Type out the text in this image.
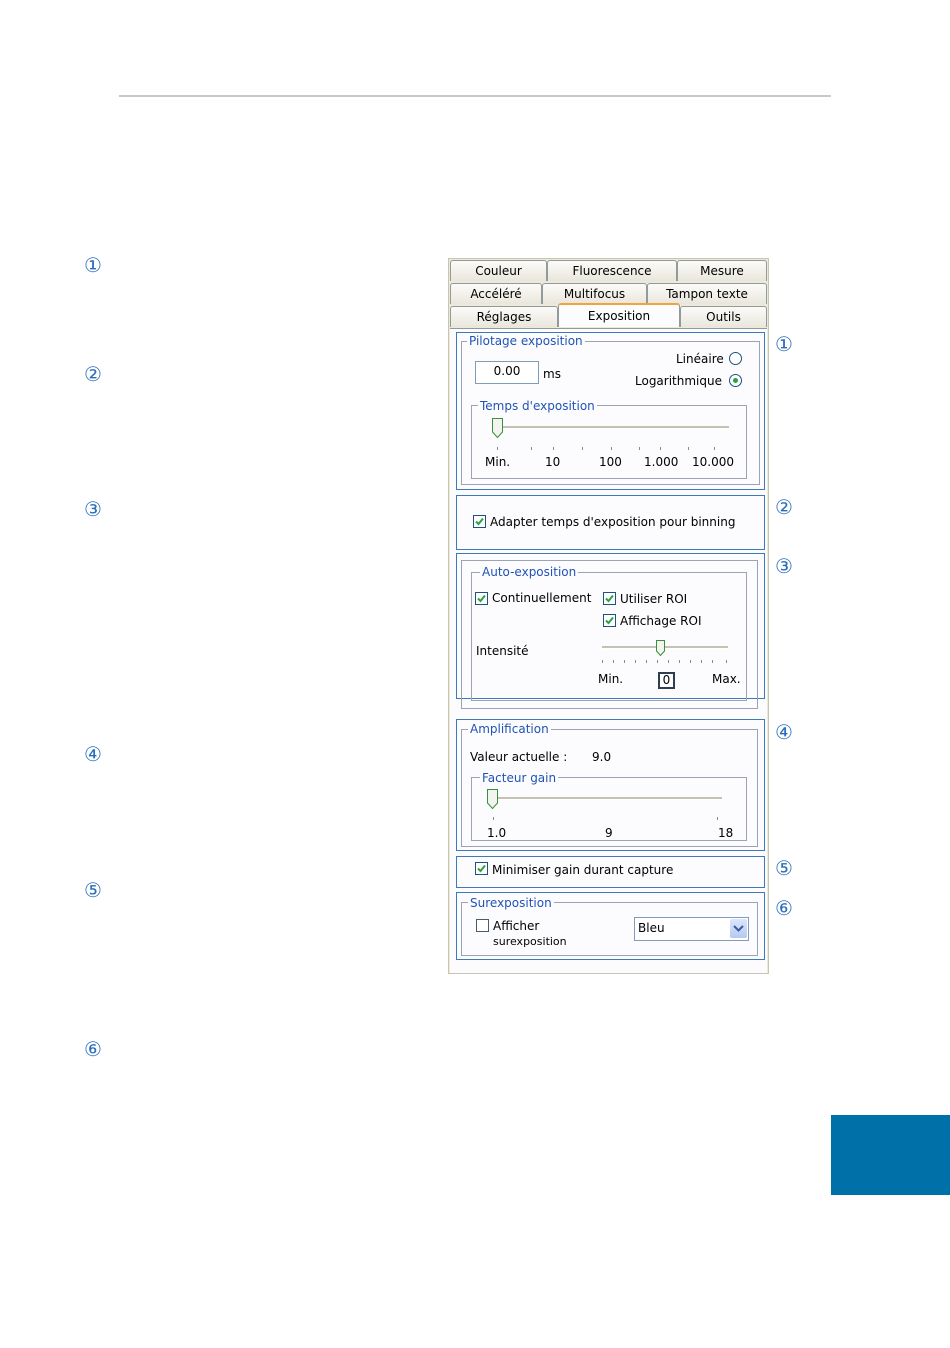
①
②
③
④
⑤
⑥
①
②
③
④
⑤
⑥
Couleur	Fluorescence	Mesure
Accéléré	Multifocus	Tampon texte
Réglages	Exposition	Outils
Pilotage exposition
0.00	ms
Linéaire
Logarithmique
Temps d'exposition
Min.	10	100 1.000 10.000
Adapter temps d'exposition pour binning
Auto-exposition
Continuellement Utiliser ROI
Affichage ROI
Intensité
Min.	0	Max.
Amplification
Valeur actuelle : 9.0
Facteur gain
1.0	9	18
Minimiser gain durant capture
Surexposition
Afficher
surexposition
Bleu
